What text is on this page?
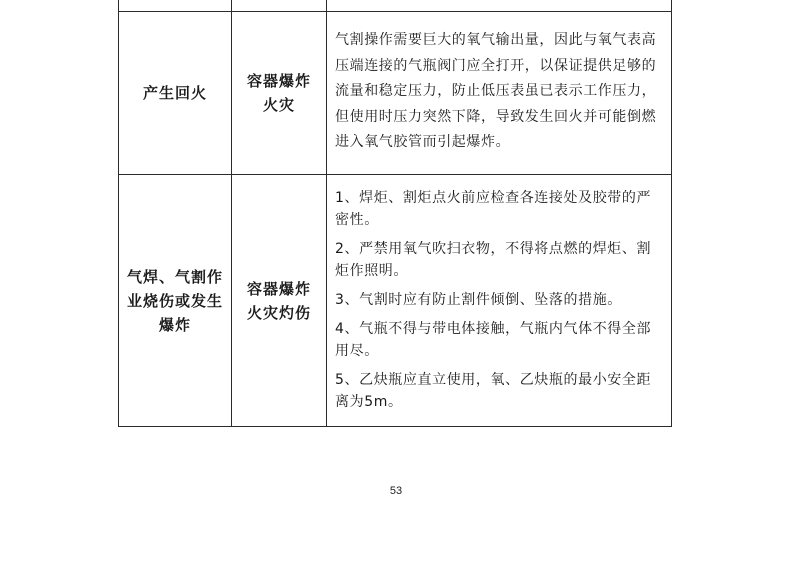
产生回火	容器爆炸火灾	气割操作需要巨大的氧气输出量，因此与氧气表高压端连接的气瓶阀门应全打开，以保证提供足够的流量和稳定压力，防止低压表虽已表示工作压力，但使用时压力突然下降，导致发生回火并可能倒燃进入氧气胶管而引起爆炸。

气焊、气割作业烧伤或发生爆炸	容器爆炸火灾灼伤	1、焊炬、割炬点火前应检查各连接处及胶带的严密性。

2、严禁用氧气吹扫衣物，不得将点燃的焊炬、割炬作照明。

3、气割时应有防止割件倾倒、坠落的措施。

4、气瓶不得与带电体接触，气瓶内气体不得全部用尽。

5、乙炔瓶应直立使用，氧、乙炔瓶的最小安全距离为5m。

53
